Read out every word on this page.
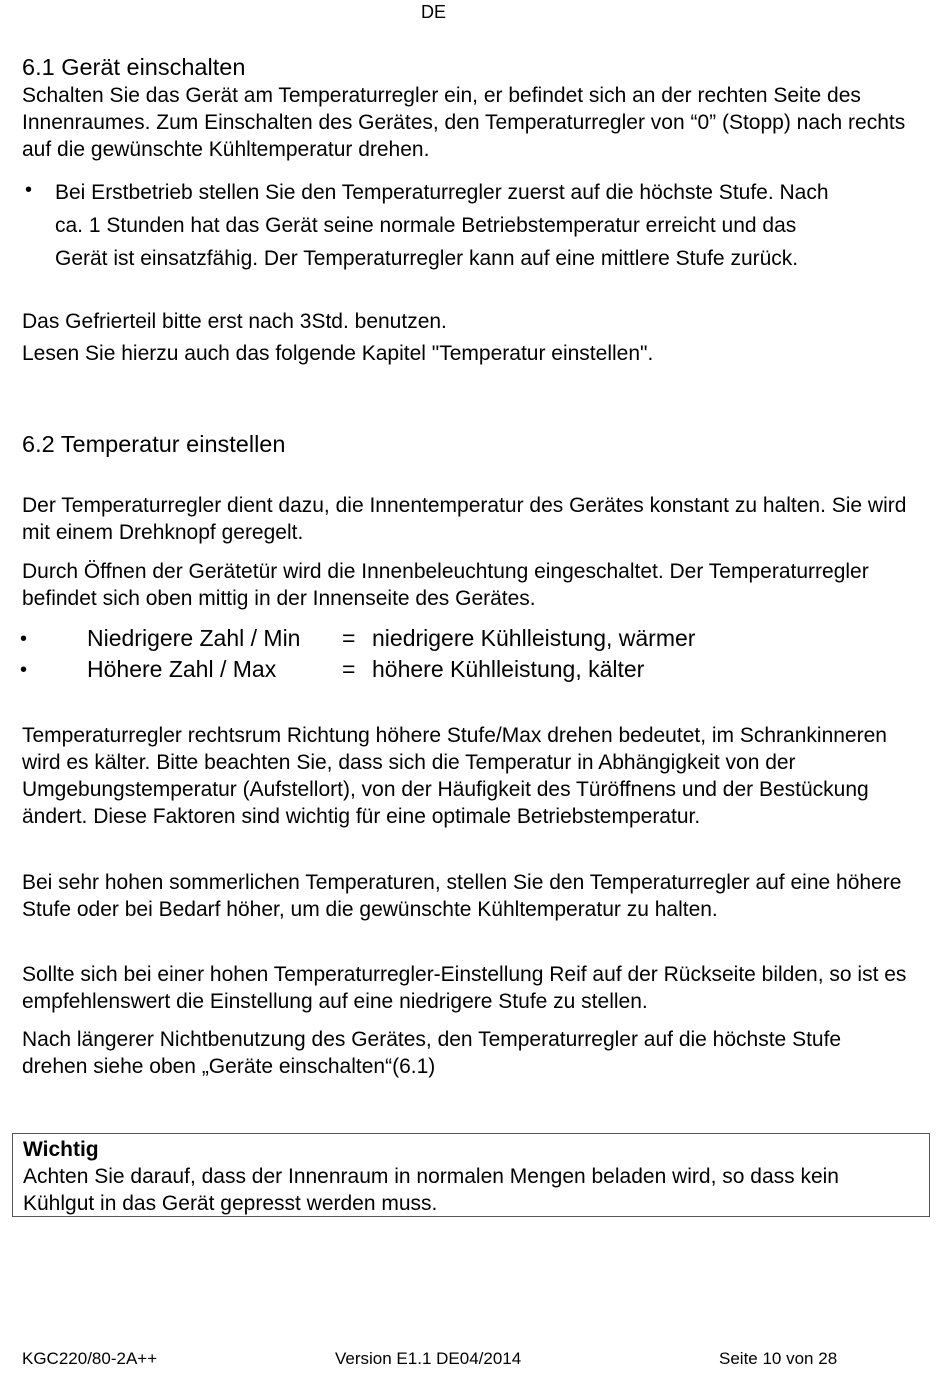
DE
6.1 Gerät einschalten

Schalten Sie das Gerät am Temperaturregler ein, er befindet sich an der rechten Seite des Innenraumes. Zum Einschalten des Gerätes, den Temperaturregler von “0” (Stopp) nach rechts auf die gewünschte Kühltemperatur drehen.

• Bei Erstbetrieb stellen Sie den Temperaturregler zuerst auf die höchste Stufe. Nach
ca. 1 Stunden hat das Gerät seine normale Betriebstemperatur erreicht und das
Gerät ist einsatzfähig. Der Temperaturregler kann auf eine mittlere Stufe zurück.

Das Gefrierteil bitte erst nach 3Std. benutzen.

Lesen Sie hierzu auch das folgende Kapitel "Temperatur einstellen".

6.2 Temperatur einstellen

Der Temperaturregler dient dazu, die Innentemperatur des Gerätes konstant zu halten. Sie wird mit einem Drehknopf geregelt.

Durch Öffnen der Gerätetür wird die Innenbeleuchtung eingeschaltet. Der Temperaturregler befindet sich oben mittig in der Innenseite des Gerätes.

•	Niedrigere Zahl / Min = niedrigere Kühlleistung, wärmer
•	Höhere Zahl / Max	= höhere Kühlleistung, kälter

Temperaturregler rechtsrum Richtung höhere Stufe/Max drehen bedeutet, im Schrankinneren wird es kälter. Bitte beachten Sie, dass sich die Temperatur in Abhängigkeit von der Umgebungstemperatur (Aufstellort), von der Häufigkeit des Türöffnens und der Bestückung ändert. Diese Faktoren sind wichtig für eine optimale Betriebstemperatur.

Bei sehr hohen sommerlichen Temperaturen, stellen Sie den Temperaturregler auf eine höhere Stufe oder bei Bedarf höher, um die gewünschte Kühltemperatur zu halten.

Sollte sich bei einer hohen Temperaturregler-Einstellung Reif auf der Rückseite bilden, so ist es empfehlenswert die Einstellung auf eine niedrigere Stufe zu stellen.

Nach längerer Nichtbenutzung des Gerätes, den Temperaturregler auf die höchste Stufe drehen siehe oben „Geräte einschalten“(6.1)

Wichtig
Achten Sie darauf, dass der Innenraum in normalen Mengen beladen wird, so dass kein Kühlgut in das Gerät gepresst werden muss.
KGC220/80-2A++	Version E1.1 DE04/2014	Seite 10 von 28
